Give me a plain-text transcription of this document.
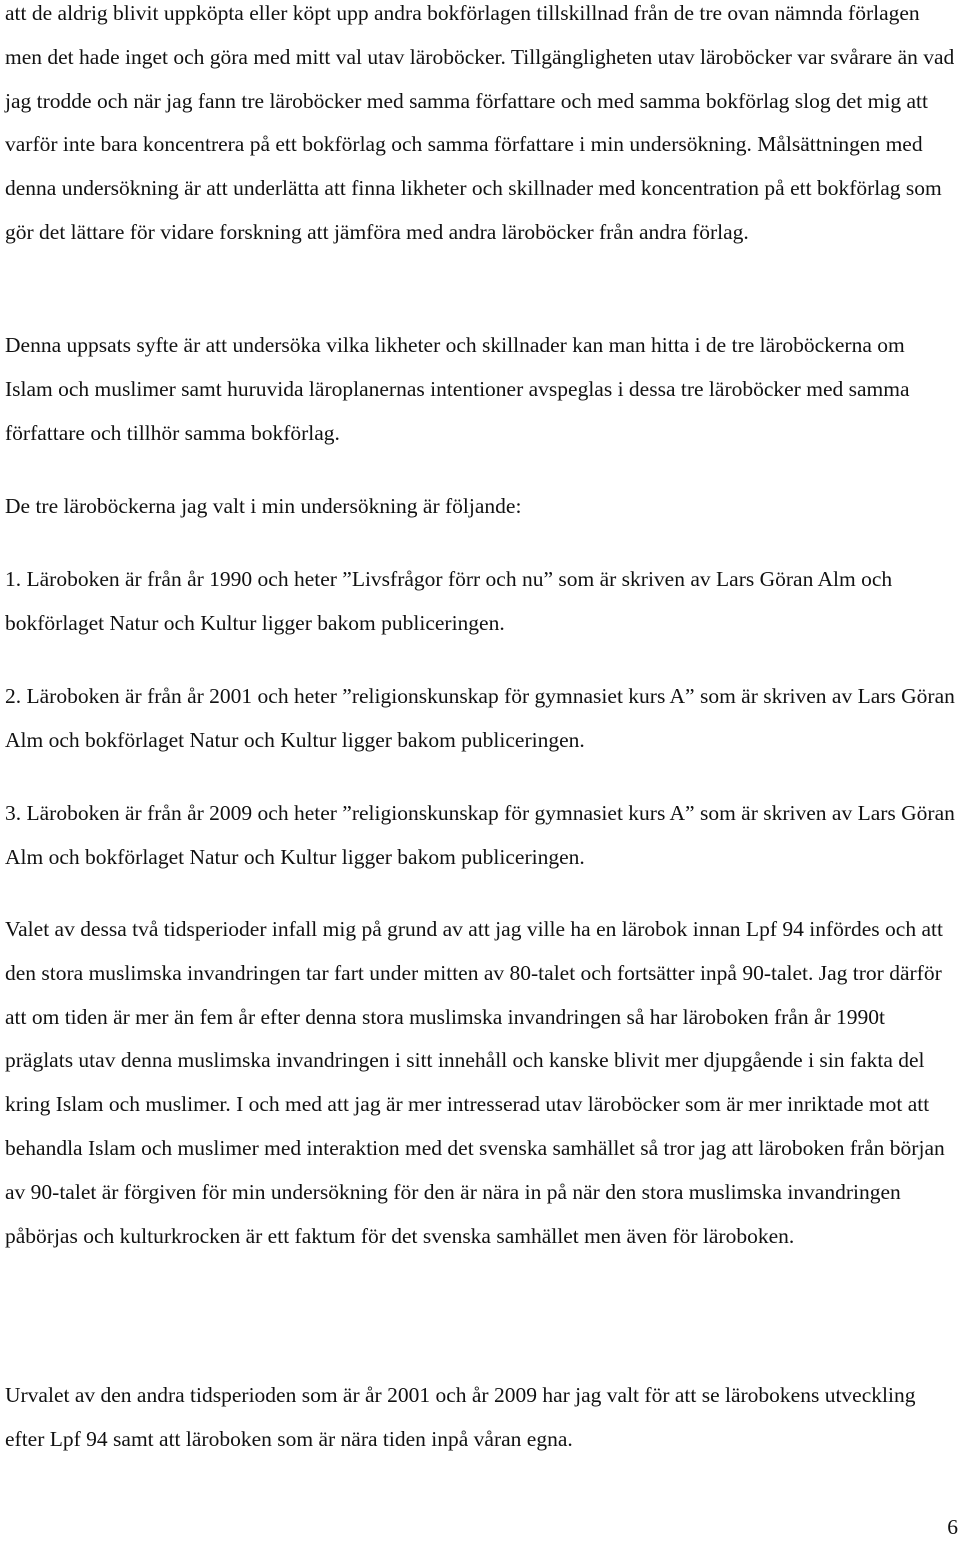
att de aldrig blivit uppköpta eller köpt upp andra bokförlagen tillskillnad från de tre ovan nämnda förlagen men det hade inget och göra med mitt val utav läroböcker. Tillgängligheten utav läroböcker var svårare än vad jag trodde och när jag fann tre läroböcker med samma författare och med samma bokförlag slog det mig att varför inte bara koncentrera på ett bokförlag och samma författare i min undersökning. Målsättningen med denna undersökning är att underlätta att finna likheter och skillnader med koncentration på ett bokförlag som gör det lättare för vidare forskning att jämföra med andra läroböcker från andra förlag.

Denna uppsats syfte är att undersöka vilka likheter och skillnader kan man hitta i de tre läroböckerna om Islam och muslimer samt huruvida läroplanernas intentioner avspeglas i dessa tre läroböcker med samma författare och tillhör samma bokförlag.

De tre läroböckerna jag valt i min undersökning är följande:

1. Läroboken är från år 1990 och heter ”Livsfrågor förr och nu” som är skriven av Lars Göran Alm och bokförlaget Natur och Kultur ligger bakom publiceringen.

2. Läroboken är från år 2001 och heter ”religionskunskap för gymnasiet kurs A” som är skriven av Lars Göran Alm och bokförlaget Natur och Kultur ligger bakom publiceringen.

3. Läroboken är från år 2009 och heter ”religionskunskap för gymnasiet kurs A” som är skriven av Lars Göran Alm och bokförlaget Natur och Kultur ligger bakom publiceringen.

Valet av dessa två tidsperioder infall mig på grund av att jag ville ha en lärobok innan Lpf 94 infördes och att den stora muslimska invandringen tar fart under mitten av 80-talet och fortsätter inpå 90-talet. Jag tror därför att om tiden är mer än fem år efter denna stora muslimska invandringen så har läroboken från år 1990t präglats utav denna muslimska invandringen i sitt innehåll och kanske blivit mer djupgående i sin fakta del kring Islam och muslimer. I och med att jag är mer intresserad utav läroböcker som är mer inriktade mot att behandla Islam och muslimer med interaktion med det svenska samhället så tror jag att läroboken från början av 90-talet är förgiven för min undersökning för den är nära in på när den stora muslimska invandringen påbörjas och kulturkrocken är ett faktum för det svenska samhället men även för läroboken.

Urvalet av den andra tidsperioden som är år 2001 och år 2009 har jag valt för att se lärobokens utveckling efter Lpf 94 samt att läroboken som är nära tiden inpå våran egna.

6
